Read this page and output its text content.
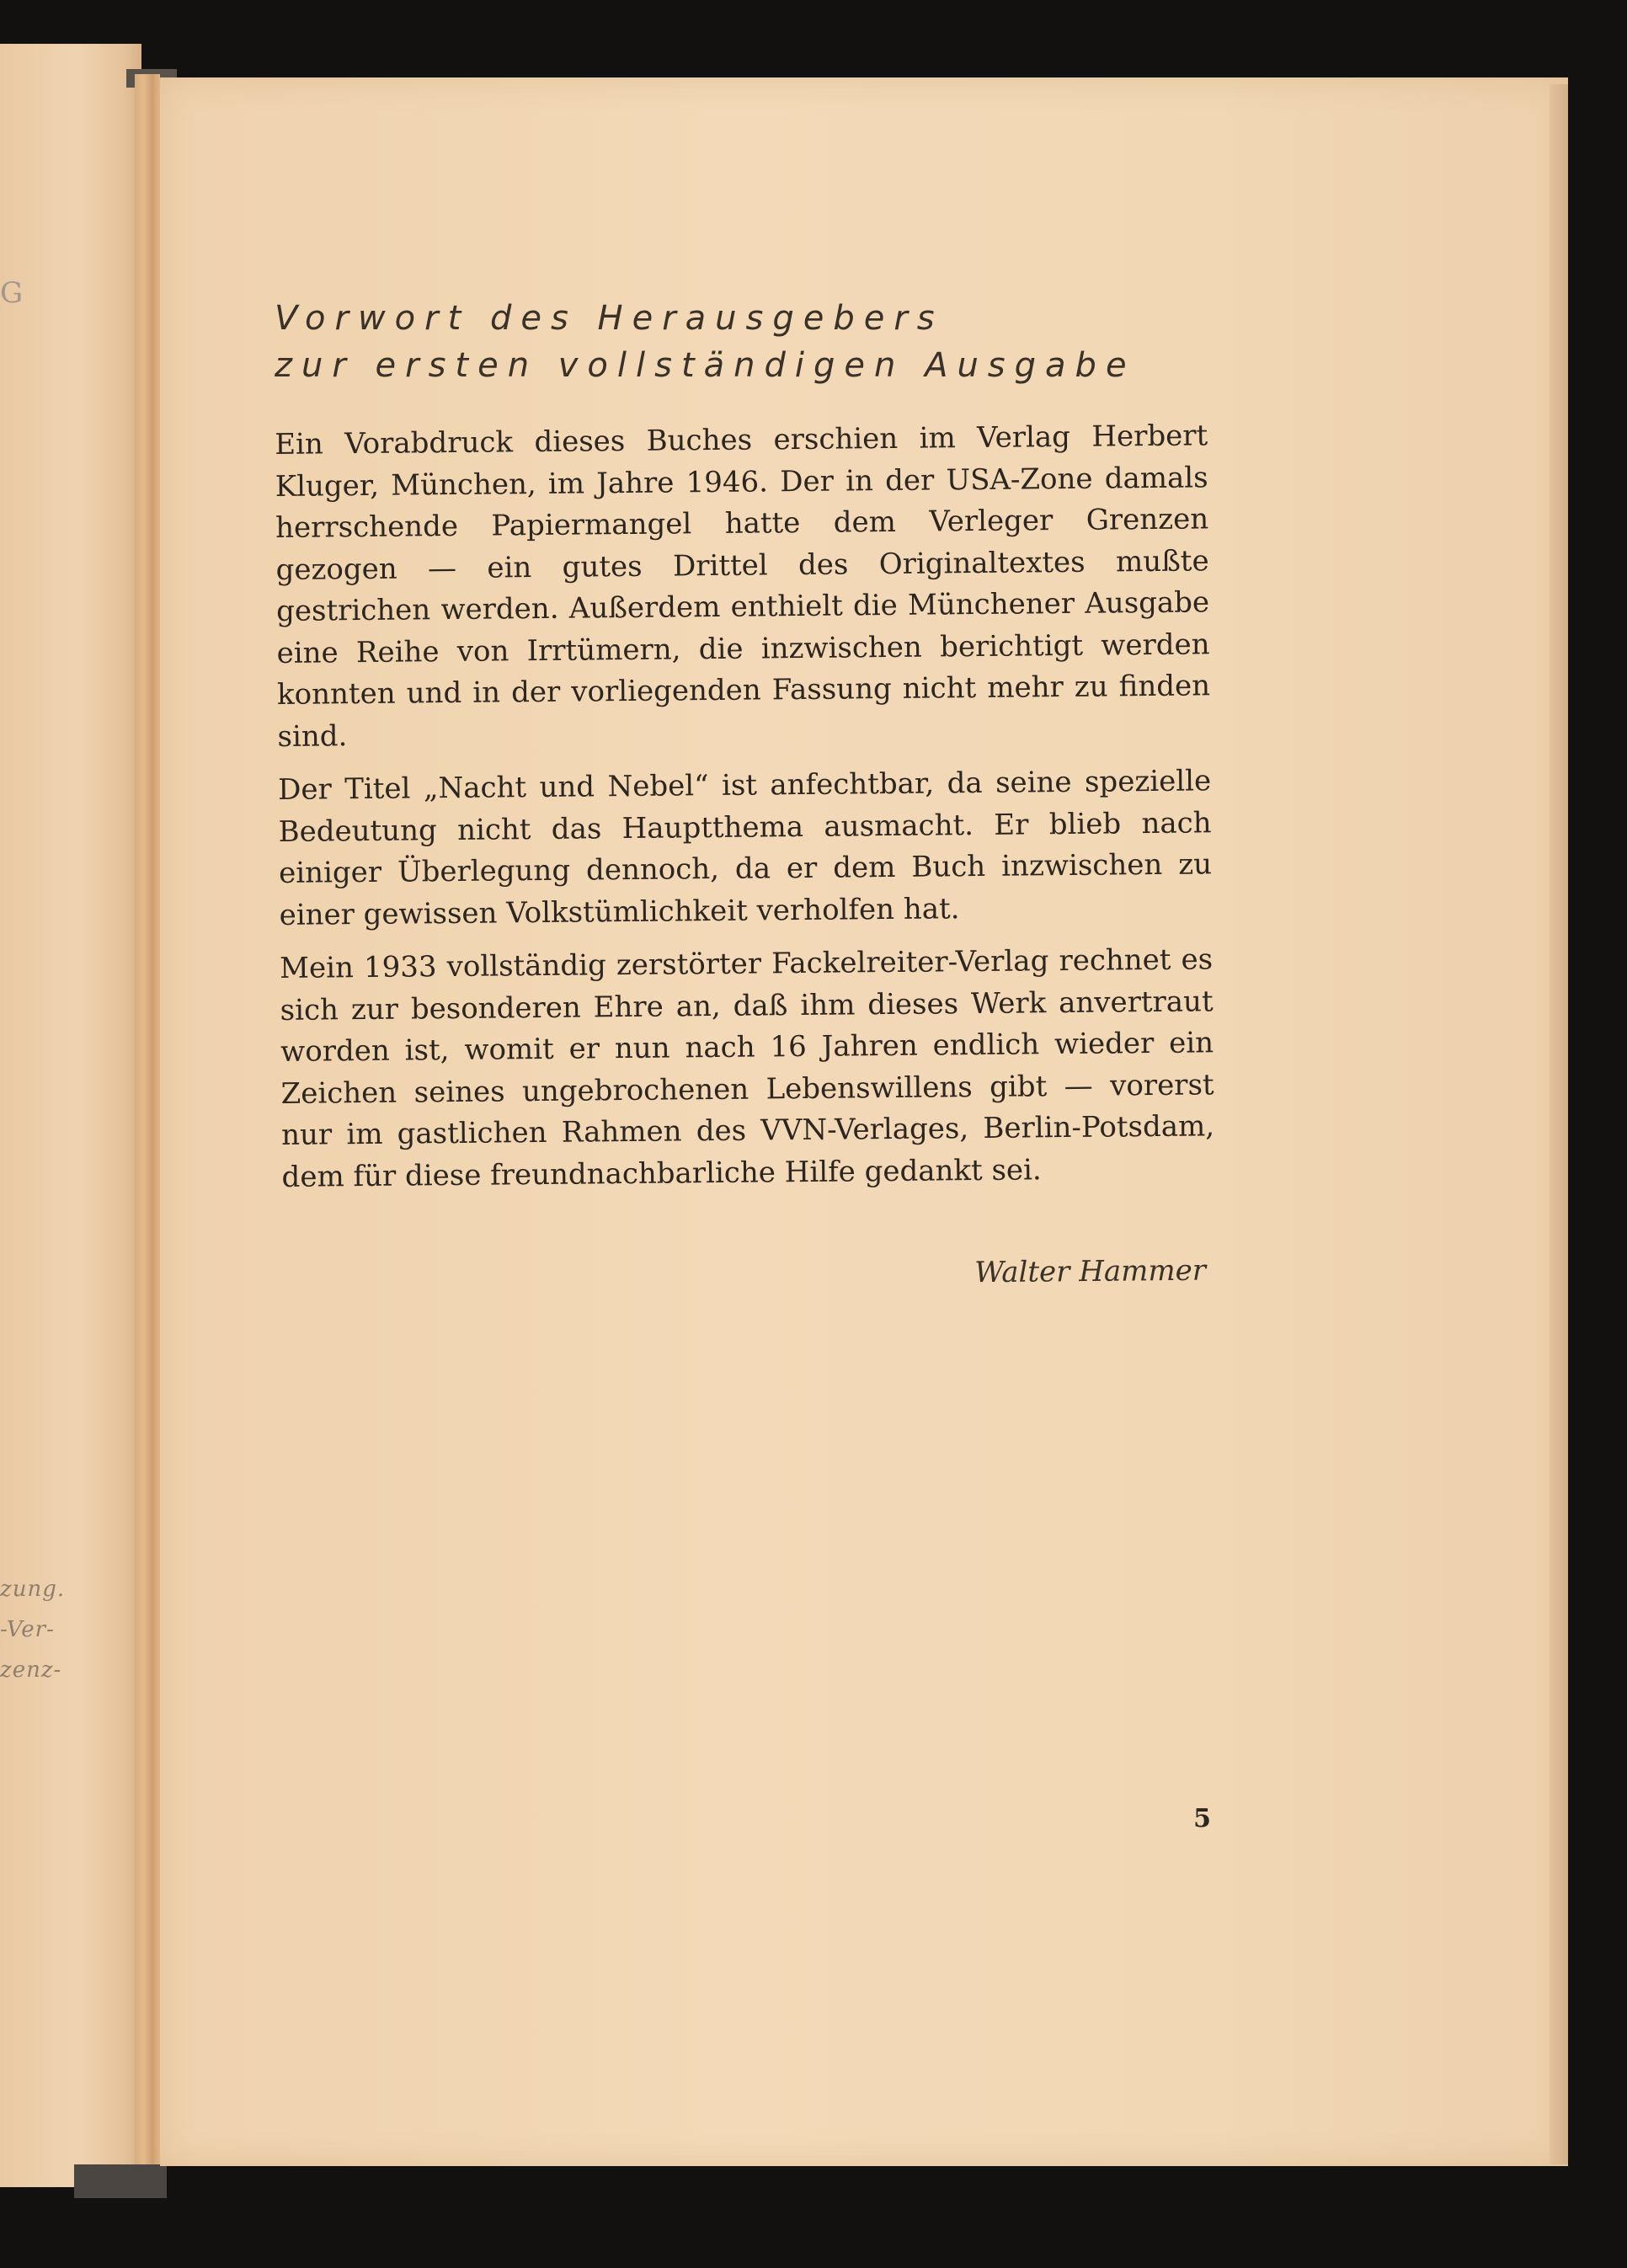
G
zung.
-Ver-
zenz-
Vorwort des Herausgebers
zur ersten vollständigen Ausgabe

Ein Vorabdruck dieses Buches erschien im Verlag Herbert Kluger, München, im Jahre 1946. Der in der USA-Zone damals herrschende Papiermangel hatte dem Verleger Grenzen gezogen — ein gutes Drittel des Originaltextes mußte gestrichen werden. Außerdem enthielt die Münchener Ausgabe eine Reihe von Irrtümern, die inzwischen berichtigt werden konnten und in der vorliegenden Fassung nicht mehr zu finden sind.

Der Titel „Nacht und Nebel“ ist anfechtbar, da seine spezielle Bedeutung nicht das Hauptthema ausmacht. Er blieb nach einiger Überlegung dennoch, da er dem Buch inzwischen zu einer gewissen Volkstümlichkeit verholfen hat.

Mein 1933 vollständig zerstörter Fackelreiter-Verlag rechnet es sich zur besonderen Ehre an, daß ihm dieses Werk anvertraut worden ist, womit er nun nach 16 Jahren endlich wieder ein Zeichen seines ungebrochenen Lebenswillens gibt — vorerst nur im gastlichen Rahmen des VVN-Verlages, Berlin-Potsdam, dem für diese freundnachbarliche Hilfe gedankt sei.

Walter Hammer
5
